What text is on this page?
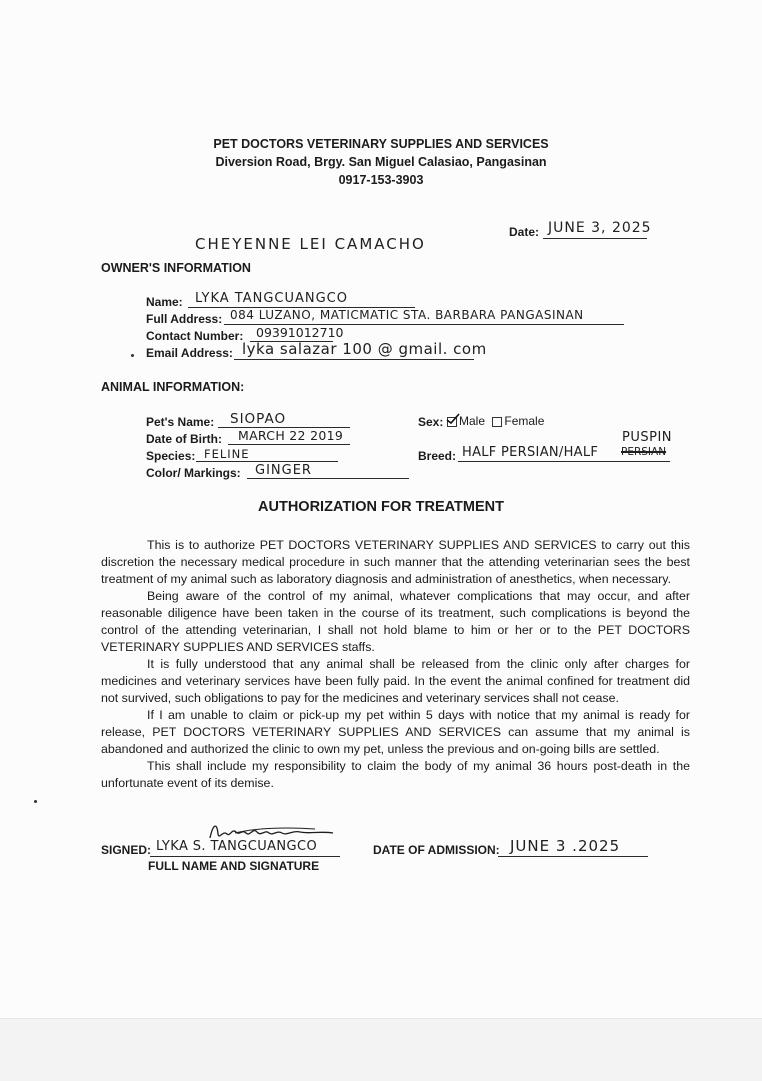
PET DOCTORS VETERINARY SUPPLIES AND SERVICES
Diversion Road, Brgy. San Miguel Calasiao, Pangasinan
0917-153-3903
Date: JUNE 3, 2025
CHEYENNE LEI CAMACHO
OWNER'S INFORMATION
Name: LYKA TANGCUANGCO
Full Address: 084 LUZANO, MATICMATIC STA. BARBARA PANGASINAN
Contact Number: 09391012710
Email Address: lyka salazar 100 @ gmail. com
ANIMAL INFORMATION:
Pet's Name: SIOPAO
Date of Birth: MARCH 22 2019
Species: FELINE
Color/ Markings: GINGER
Sex:	Male Female
Breed: HALF PERSIAN/HALF PERSIAN
PUSPIN
AUTHORIZATION FOR TREATMENT

This is to authorize PET DOCTORS VETERINARY SUPPLIES AND SERVICES to carry out this discretion the necessary medical procedure in such manner that the attending veterinarian sees the best treatment of my animal such as laboratory diagnosis and administration of anesthetics, when necessary.

Being aware of the control of my animal, whatever complications that may occur, and after reasonable diligence have been taken in the course of its treatment, such complications is beyond the control of the attending veterinarian, I shall not hold blame to him or her or to the PET DOCTORS VETERINARY SUPPLIES AND SERVICES staffs.

It is fully understood that any animal shall be released from the clinic only after charges for medicines and veterinary services have been fully paid. In the event the animal confined for treatment did not survived, such obligations to pay for the medicines and veterinary services shall not cease.

If I am unable to claim or pick-up my pet within 5 days with notice that my animal is ready for release, PET DOCTORS VETERINARY SUPPLIES AND SERVICES can assume that my animal is abandoned and authorized the clinic to own my pet, unless the previous and on-going bills are settled.

This shall include my responsibility to claim the body of my animal 36 hours post-death in the unfortunate event of its demise.

SIGNED: LYKA S. TANGCUANGCO
FULL NAME AND SIGNATURE
DATE OF ADMISSION: JUNE 3 .2025
